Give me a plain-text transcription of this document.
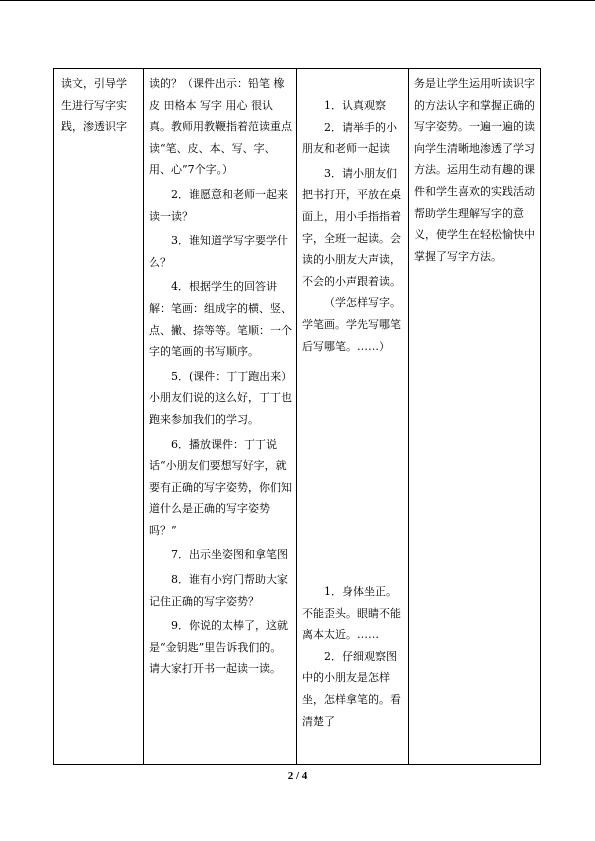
读文，引导学

生进行写字实

践，渗透识字

读的？（课件出示：铅笔 橡皮 田格本 写字 用心 很认真。教师用教鞭指着范读重点读“笔、皮、本、写、字、用、心”7个字。）

2．谁愿意和老师一起来读一读？

3．谁知道学写字要学什么？

4．根据学生的回答讲解：笔画：组成字的横、竖、点、撇、捺等等。笔顺：一个字的笔画的书写顺序。

5．(课件：丁丁跑出来）小朋友们说的这么好，丁丁也跑来参加我们的学习。

6．播放课件：丁丁说话“小朋友们要想写好字，就要有正确的写字姿势，你们知道什么是正确的写字姿势吗？”

7．出示坐姿图和拿笔图

8．谁有小窍门帮助大家记住正确的写字姿势？

9．你说的太棒了，这就是“金钥匙”里告诉我们的。请大家打开书一起读一读。

1．认真观察

2．请举手的小朋友和老师一起读

3．请小朋友们把书打开，平放在桌面上，用小手指指着字，全班一起读。会读的小朋友大声读，不会的小声跟着读。

（学怎样写字。学笔画。学先写哪笔后写哪笔。……）

1．身体坐正。不能歪头。眼睛不能离本太近。……

2．仔细观察图中的小朋友是怎样坐，怎样拿笔的。看清楚了

务是让学生运用听读识字的方法认字和掌握正确的写字姿势。一遍一遍的读向学生清晰地渗透了学习方法。运用生动有趣的课件和学生喜欢的实践活动帮助学生理解写字的意义，使学生在轻松愉快中掌握了写字方法。

2 / 4
